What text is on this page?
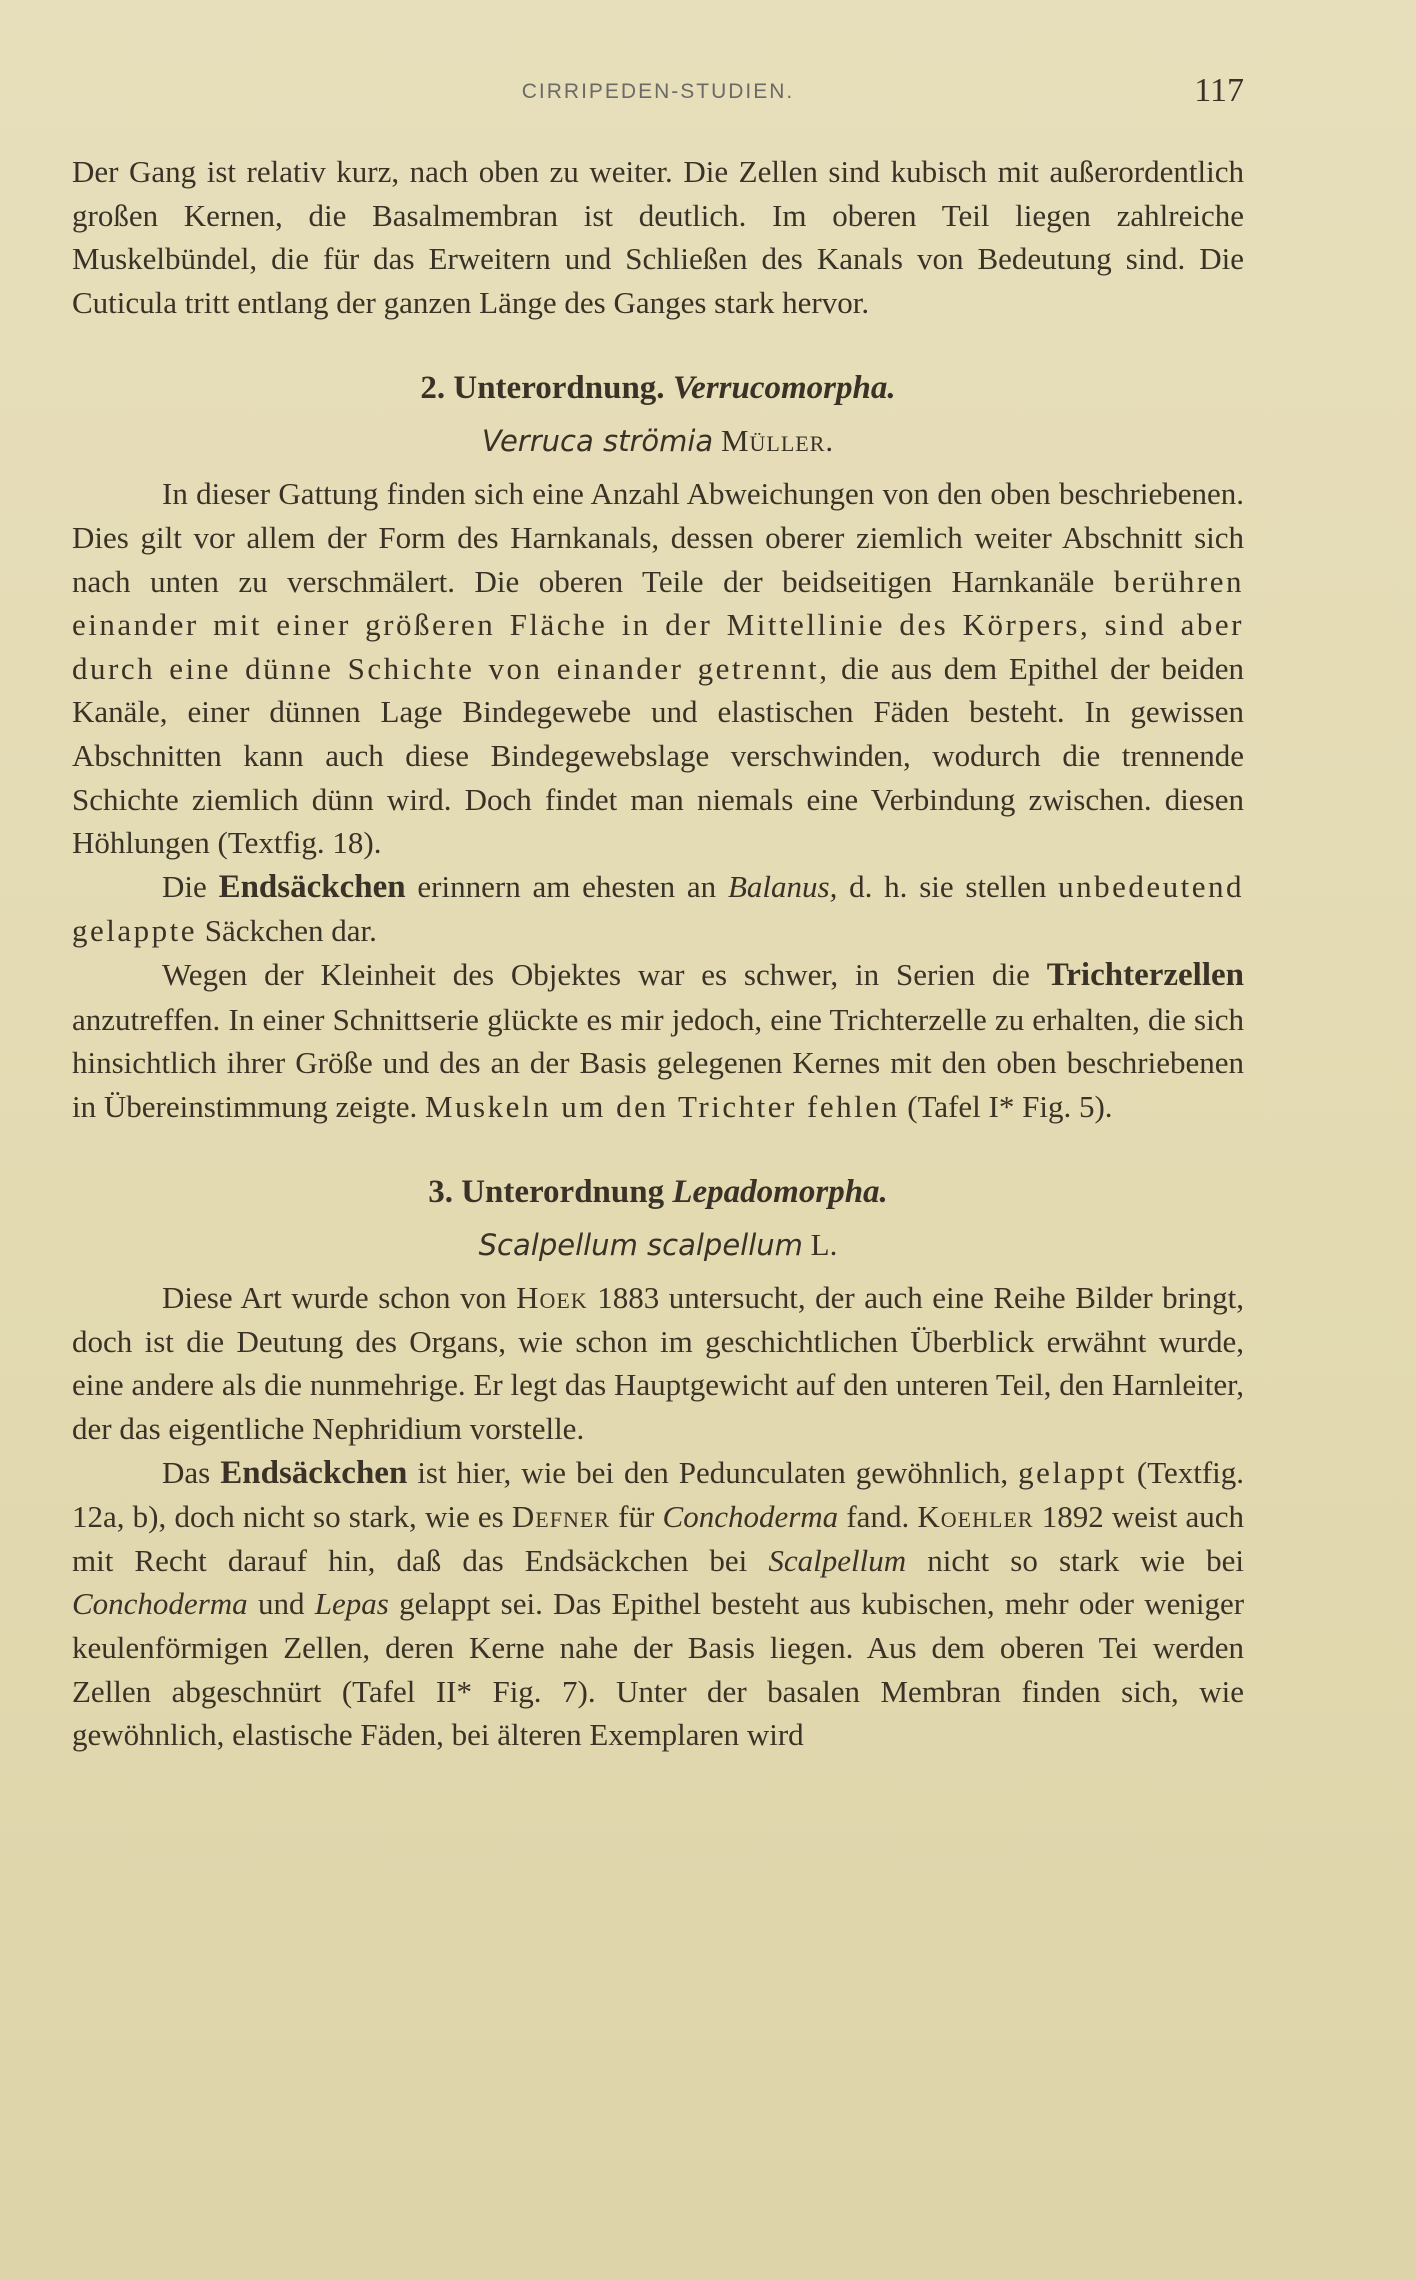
CIRRIPEDEN-STUDIEN.	117

Der Gang ist relativ kurz, nach oben zu weiter. Die Zellen sind kubisch mit außerordentlich großen Kernen, die Basalmembran ist deutlich. Im oberen Teil liegen zahlreiche Muskelbündel, die für das Erweitern und Schließen des Kanals von Bedeutung sind. Die Cuticula tritt entlang der ganzen Länge des Ganges stark hervor.

2. Unterordnung. Verrucomorpha.
Verruca strömia Müller.

In dieser Gattung finden sich eine Anzahl Abweichungen von den oben beschriebenen. Dies gilt vor allem der Form des Harnkanals, dessen oberer ziemlich weiter Abschnitt sich nach unten zu verschmälert. Die oberen Teile der beidseitigen Harnkanäle berühren einander mit einer größeren Fläche in der Mittellinie des Körpers, sind aber durch eine dünne Schichte von einander getrennt, die aus dem Epithel der beiden Kanäle, einer dünnen Lage Bindegewebe und elastischen Fäden besteht. In gewissen Abschnitten kann auch diese Bindegewebslage verschwinden, wodurch die trennende Schichte ziemlich dünn wird. Doch findet man niemals eine Verbindung zwischen. diesen Höhlungen (Textfig. 18).

Die Endsäckchen erinnern am ehesten an Balanus, d. h. sie stellen unbedeutend gelappte Säckchen dar.

Wegen der Kleinheit des Objektes war es schwer, in Serien die Trichterzellen anzutreffen. In einer Schnittserie glückte es mir jedoch, eine Trichterzelle zu erhalten, die sich hinsichtlich ihrer Größe und des an der Basis gelegenen Kernes mit den oben beschriebenen in Übereinstimmung zeigte. Muskeln um den Trichter fehlen (Tafel I* Fig. 5).

3. Unterordnung Lepadomorpha.
Scalpellum scalpellum L.

Diese Art wurde schon von Hoek 1883 untersucht, der auch eine Reihe Bilder bringt, doch ist die Deutung des Organs, wie schon im geschichtlichen Überblick erwähnt wurde, eine andere als die nunmehrige. Er legt das Hauptgewicht auf den unteren Teil, den Harnleiter, der das eigentliche Nephridium vorstelle.

Das Endsäckchen ist hier, wie bei den Pedunculaten gewöhnlich, gelappt (Textfig. 12a, b), doch nicht so stark, wie es Defner für Conchoderma fand. Koehler 1892 weist auch mit Recht darauf hin, daß das Endsäckchen bei Scalpellum nicht so stark wie bei Conchoderma und Lepas gelappt sei. Das Epithel besteht aus kubischen, mehr oder weniger keulenförmigen Zellen, deren Kerne nahe der Basis liegen. Aus dem oberen Tei werden Zellen abgeschnürt (Tafel II* Fig. 7). Unter der basalen Membran finden sich, wie gewöhnlich, elastische Fäden, bei älteren Exemplaren wird
